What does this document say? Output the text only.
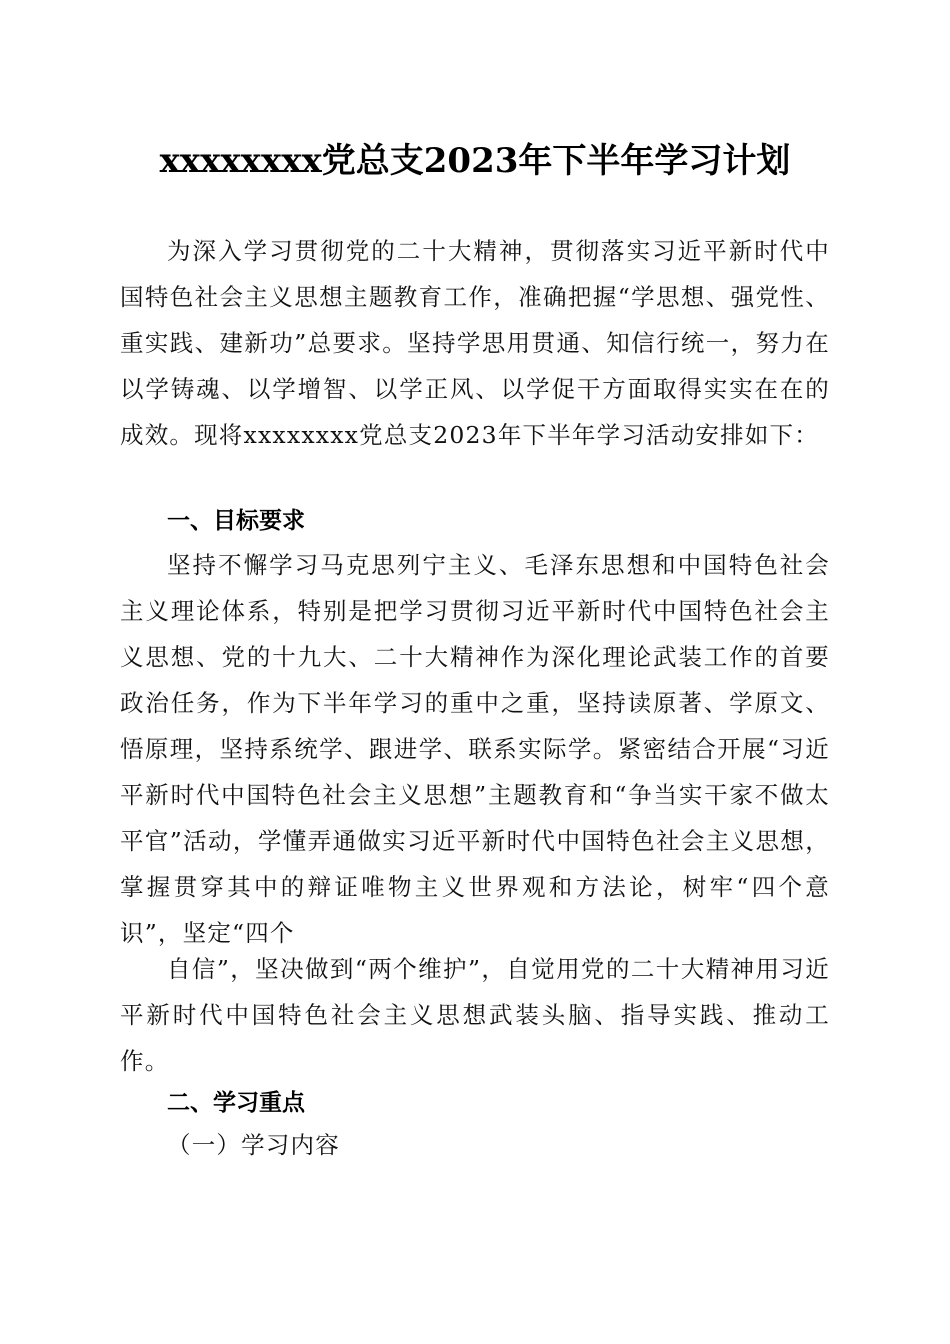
xxxxxxxx党总支2023年下半年学习计划
为深入学习贯彻党的二十大精神，贯彻落实习近平新时代中国特色社会主义思想主题教育工作，准确把握“学思想、强党性、重实践、建新功”总要求。坚持学思用贯通、知信行统一，努力在以学铸魂、以学增智、以学正风、以学促干方面取得实实在在的成效。现将xxxxxxxx党总支2023年下半年学习活动安排如下：
一、目标要求
坚持不懈学习马克思列宁主义、毛泽东思想和中国特色社会主义理论体系，特别是把学习贯彻习近平新时代中国特色社会主义思想、党的十九大、二十大精神作为深化理论武装工作的首要政治任务，作为下半年学习的重中之重，坚持读原著、学原文、悟原理，坚持系统学、跟进学、联系实际学。紧密结合开展“习近平新时代中国特色社会主义思想”主题教育和“争当实干家不做太平官”活动，学懂弄通做实习近平新时代中国特色社会主义思想，掌握贯穿其中的辩证唯物主义世界观和方法论，树牢“四个意识”，坚定“四个
自信”，坚决做到“两个维护”，自觉用党的二十大精神用习近平新时代中国特色社会主义思想武装头脑、指导实践、推动工作。
二、学习重点
（一）学习内容
